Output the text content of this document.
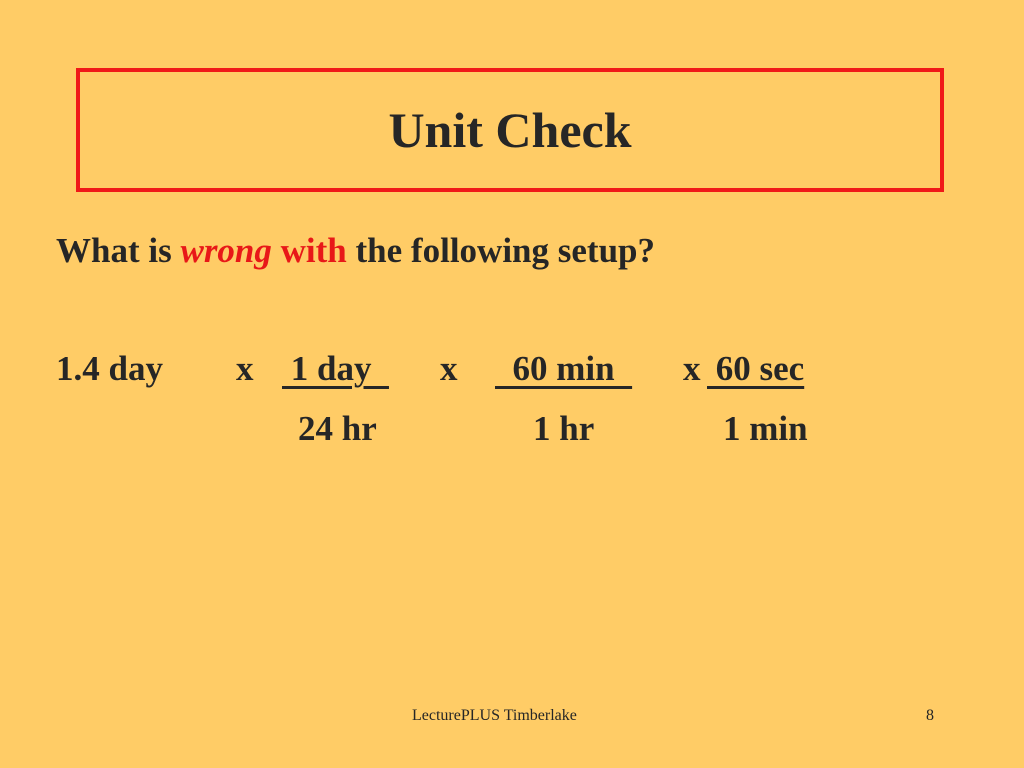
Unit Check

What is wrong with the following setup?

1.4 day x 1 day x 60 min x 60 sec
24 hr	1 hr	1 min
LecturePLUS Timberlake	8
